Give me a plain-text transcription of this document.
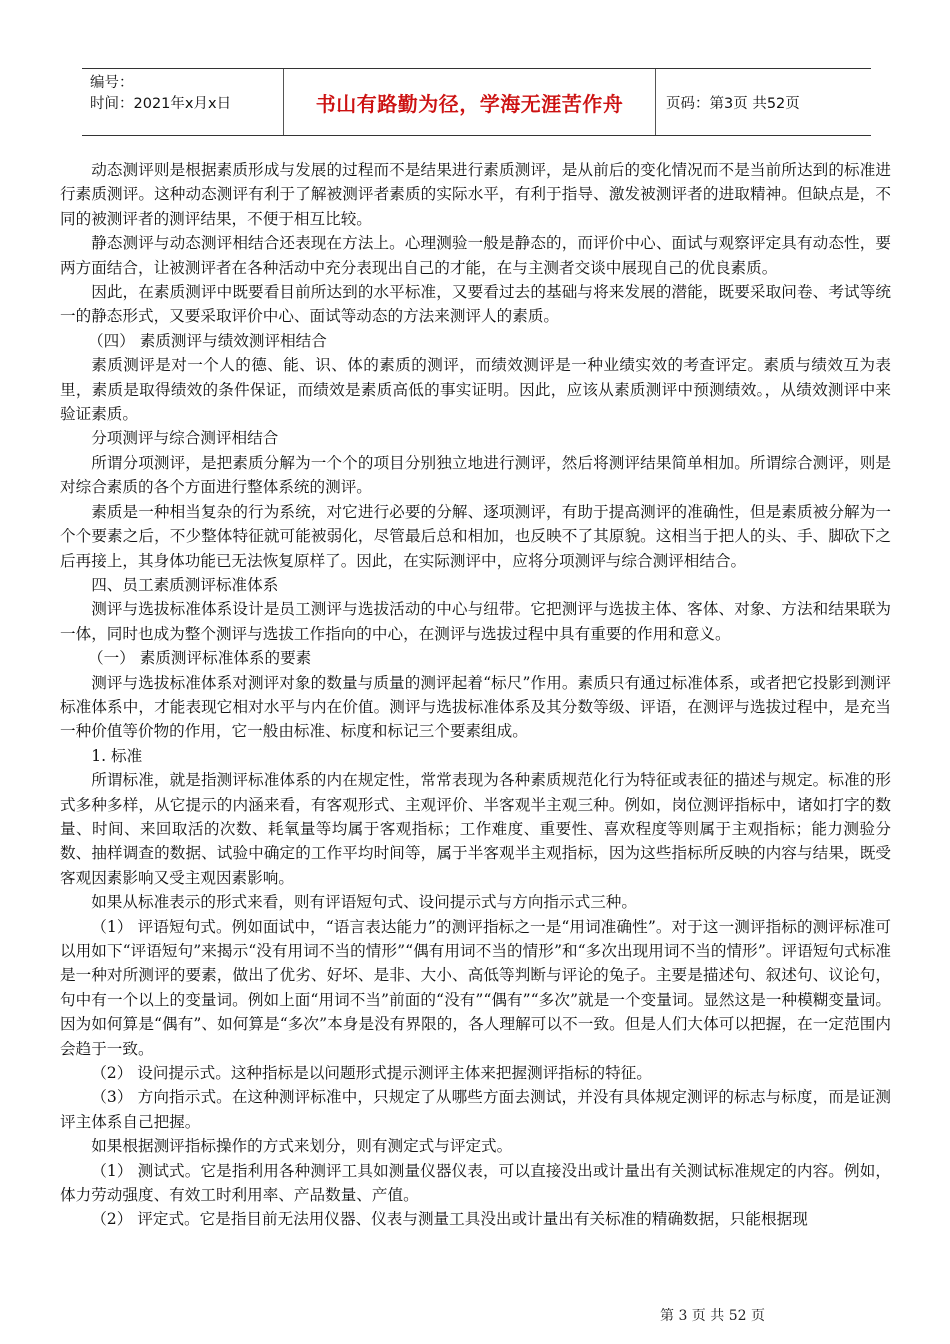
编号：
时间：2021年x月x日	书山有路勤为径，学海无涯苦作舟	页码：第3页 共52页

动态测评则是根据素质形成与发展的过程而不是结果进行素质测评，是从前后的变化情况而不是当前所达到的标准进行素质测评。这种动态测评有利于了解被测评者素质的实际水平，有利于指导、激发被测评者的进取精神。但缺点是，不同的被测评者的测评结果，不便于相互比较。

静态测评与动态测评相结合还表现在方法上。心理测验一般是静态的，而评价中心、面试与观察评定具有动态性，要两方面结合，让被测评者在各种活动中充分表现出自己的才能，在与主测者交谈中展现自己的优良素质。

因此，在素质测评中既要看目前所达到的水平标准，又要看过去的基础与将来发展的潜能，既要采取问卷、考试等统一的静态形式，又要采取评价中心、面试等动态的方法来测评人的素质。

（四） 素质测评与绩效测评相结合

素质测评是对一个人的德、能、识、体的素质的测评，而绩效测评是一种业绩实效的考查评定。素质与绩效互为表里，素质是取得绩效的条件保证，而绩效是素质高低的事实证明。因此，应该从素质测评中预测绩效。，从绩效测评中来验证素质。

分项测评与综合测评相结合

所谓分项测评，是把素质分解为一个个的项目分别独立地进行测评，然后将测评结果简单相加。所谓综合测评，则是对综合素质的各个方面进行整体系统的测评。

素质是一种相当复杂的行为系统，对它进行必要的分解、逐项测评，有助于提高测评的准确性，但是素质被分解为一个个要素之后，不少整体特征就可能被弱化，尽管最后总和相加，也反映不了其原貌。这相当于把人的头、手、脚砍下之后再接上，其身体功能已无法恢复原样了。因此，在实际测评中，应将分项测评与综合测评相结合。

四、员工素质测评标准体系

测评与选拔标准体系设计是员工测评与选拔活动的中心与纽带。它把测评与选拔主体、客体、对象、方法和结果联为一体，同时也成为整个测评与选拔工作指向的中心，在测评与选拔过程中具有重要的作用和意义。

（一） 素质测评标准体系的要素

测评与选拔标准体系对测评对象的数量与质量的测评起着“标尺”作用。素质只有通过标准体系，或者把它投影到测评标准体系中，才能表现它相对水平与内在价值。测评与选拔标准体系及其分数等级、评语，在测评与选拔过程中，是充当一种价值等价物的作用，它一般由标准、标度和标记三个要素组成。

1. 标准

所谓标准，就是指测评标准体系的内在规定性，常常表现为各种素质规范化行为特征或表征的描述与规定。标准的形式多种多样，从它提示的内涵来看，有客观形式、主观评价、半客观半主观三种。例如，岗位测评指标中，诸如打字的数量、时间、来回取活的次数、耗氧量等均属于客观指标；工作难度、重要性、喜欢程度等则属于主观指标；能力测验分数、抽样调查的数据、试验中确定的工作平均时间等，属于半客观半主观指标，因为这些指标所反映的内容与结果，既受客观因素影响又受主观因素影响。

如果从标准表示的形式来看，则有评语短句式、设问提示式与方向指示式三种。

（1） 评语短句式。例如面试中，“语言表达能力”的测评指标之一是“用词准确性”。对于这一测评指标的测评标准可以用如下“评语短句”来揭示“没有用词不当的情形”“偶有用词不当的情形”和“多次出现用词不当的情形”。评语短句式标准是一种对所测评的要素，做出了优劣、好坏、是非、大小、高低等判断与评论的兔子。主要是描述句、叙述句、议论句，句中有一个以上的变量词。例如上面“用词不当”前面的“没有”“偶有”“多次”就是一个变量词。显然这是一种模糊变量词。因为如何算是“偶有”、如何算是“多次”本身是没有界限的，各人理解可以不一致。但是人们大体可以把握，在一定范围内会趋于一致。

（2） 设问提示式。这种指标是以问题形式提示测评主体来把握测评指标的特征。

（3） 方向指示式。在这种测评标准中，只规定了从哪些方面去测试，并没有具体规定测评的标志与标度，而是证测评主体系自己把握。

如果根据测评指标操作的方式来划分，则有测定式与评定式。

（1） 测试式。它是指利用各种测评工具如测量仪器仪表，可以直接没出或计量出有关测试标准规定的内容。例如，体力劳动强度、有效工时利用率、产品数量、产值。

（2） 评定式。它是指目前无法用仪器、仪表与测量工具没出或计量出有关标准的精确数据，只能根据现

第 3 页 共 52 页
